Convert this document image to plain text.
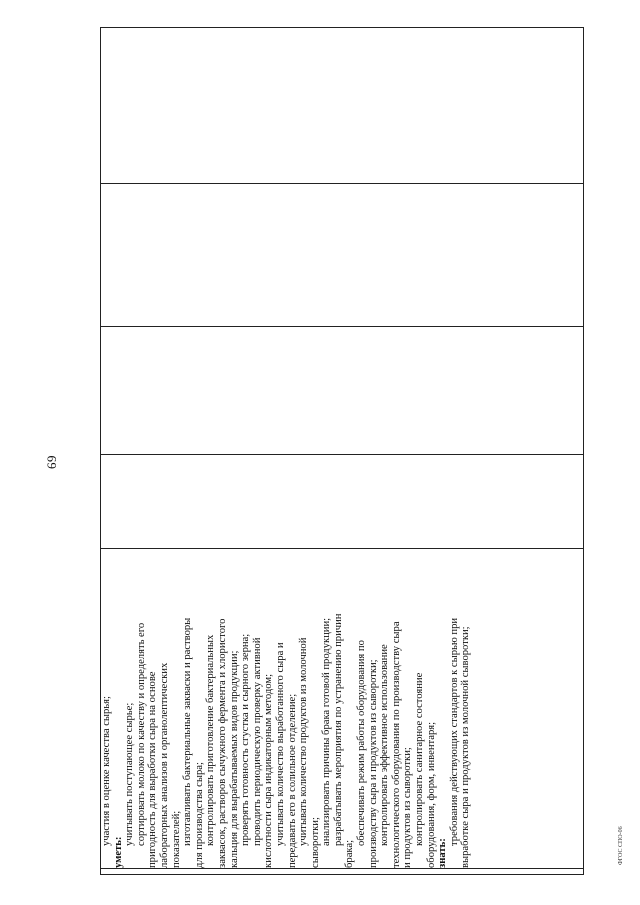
69

участия в оценке качества сырья;
уметь:
учитывать поступающее сырье; сортировать молоко по качеству и определять его пригодность для выработки сыра на основе лабораторных анализов и органолептических показателей; изготавливать бактериальные закваски и растворы для производства сыра; контролировать приготовление бактериальных заквасок, растворов сычужного фермента и хлористого кальция для вырабатываемых видов продукции; проверять готовность сгустка и сырного зерна; проводить периодическую проверку активной кислотности сыра индикаторным методом; учитывать количество выработанного сыра и передавать его в солильное отделение; учитывать количество продуктов из молочной сыворотки; анализировать причины брака готовой продукции; разрабатывать мероприятия по устранению причин
брака;
обеспечивать режим работы оборудования по производству сыра и продуктов из сыворотки; контролировать эффективное использование технологического оборудования по производству сыра и продуктов из сыворотки; контролировать санитарное состояние оборудования, форм, инвентаря; знать:
требования действующих стандартов к сырью при выработке сыра и продуктов из молочной сыворотки;
					ФГОС СПО-06
